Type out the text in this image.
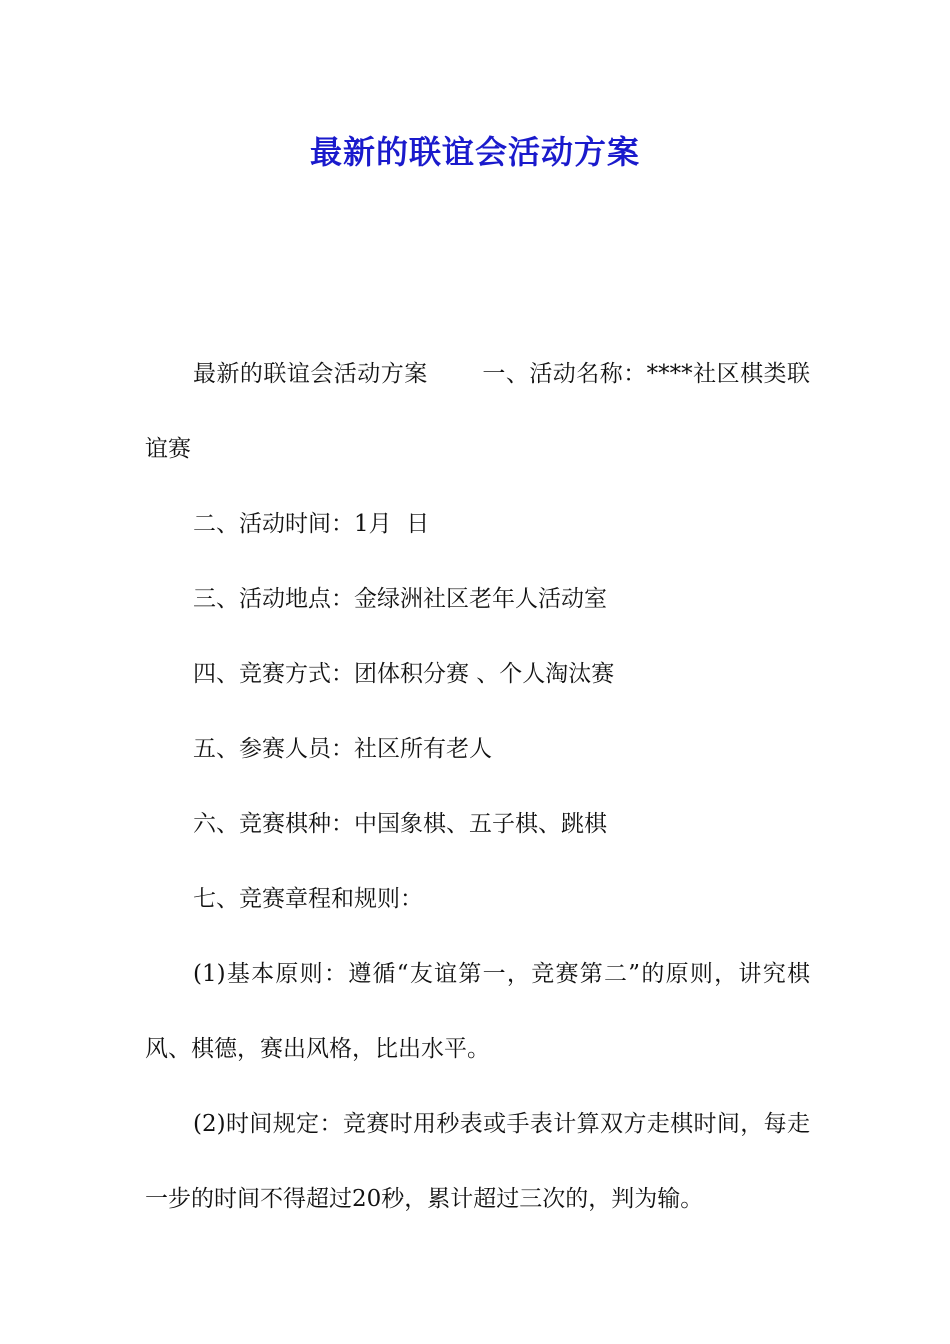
最新的联谊会活动方案

最新的联谊会活动方案　　 一、活动名称：****社区棋类联谊赛

二、活动时间：1月  日

三、活动地点：金绿洲社区老年人活动室

四、竞赛方式：团体积分赛 、个人淘汰赛

五、参赛人员：社区所有老人

六、竞赛棋种：中国象棋、五子棋、跳棋

七、竞赛章程和规则：

(1)基本原则：遵循“友谊第一，竞赛第二”的原则，讲究棋风、棋德，赛出风格，比出水平。

(2)时间规定：竞赛时用秒表或手表计算双方走棋时间，每走一步的时间不得超过20秒，累计超过三次的，判为输。
